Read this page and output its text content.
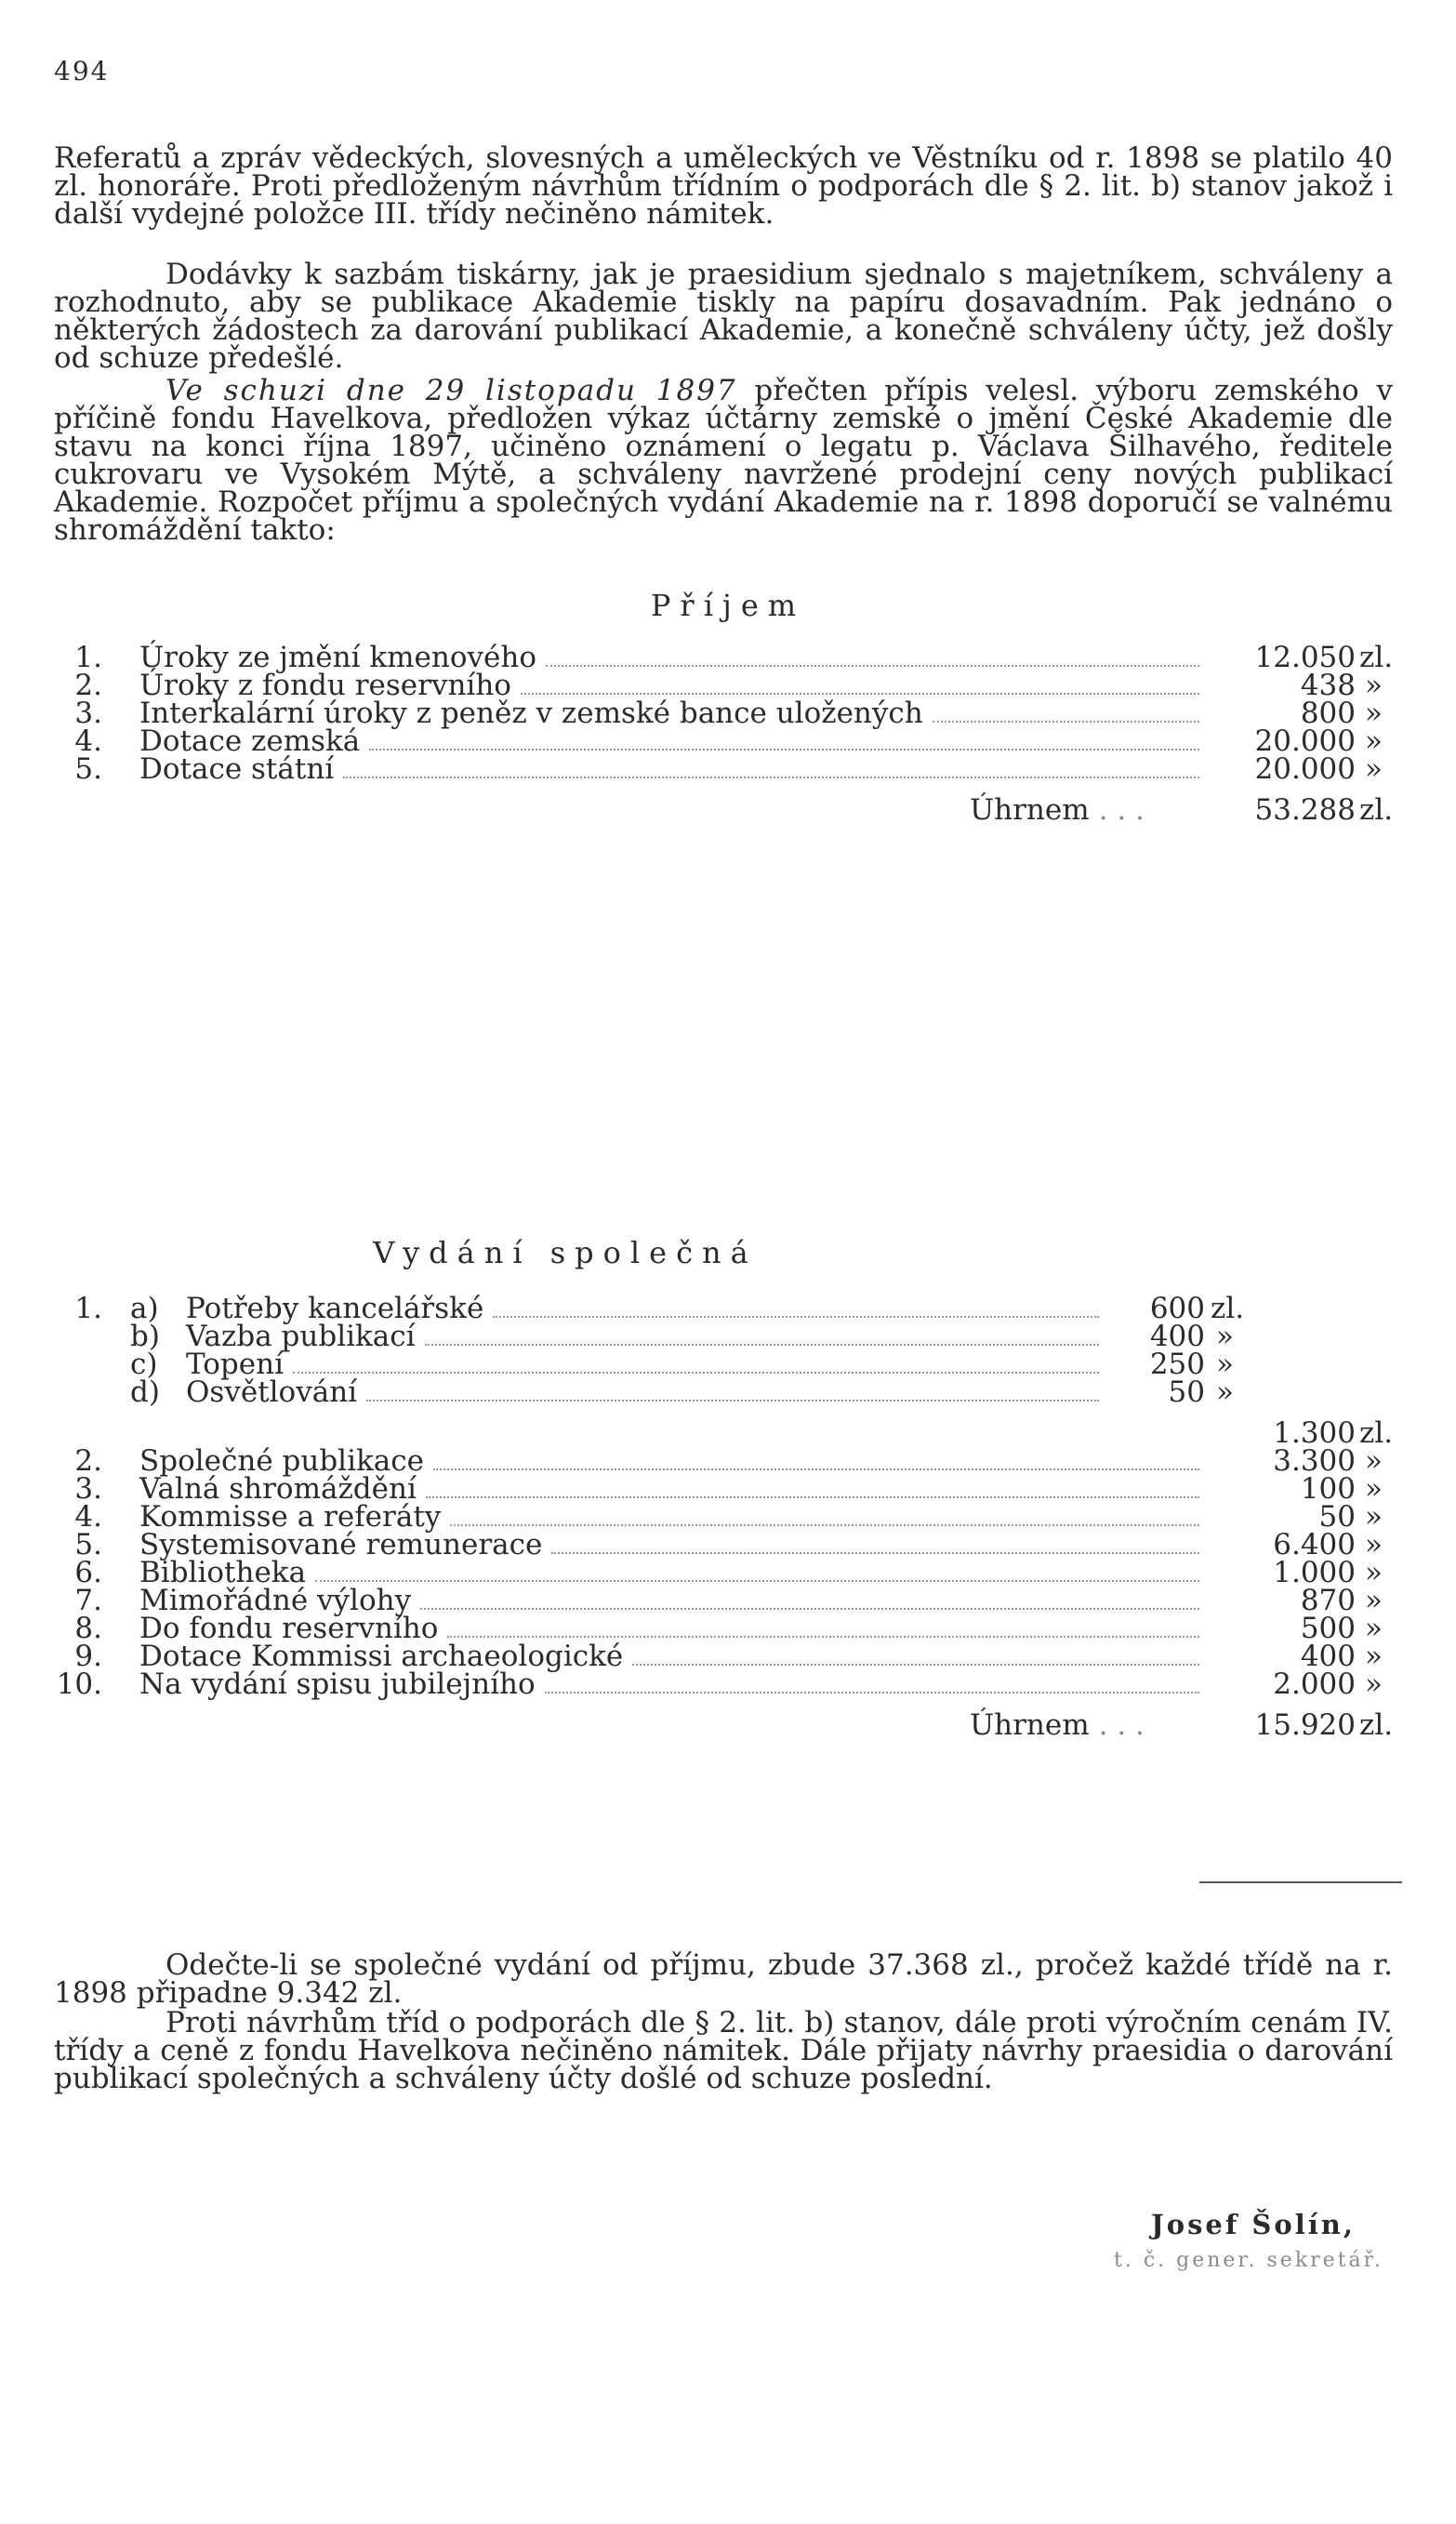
494

Referatů a zpráv vědeckých, slovesných a uměleckých ve Věstníku od r. 1898 se platilo 40 zl. honoráře. Proti předloženým návrhům třídním o podporách dle § 2. lit. b) stanov jakož i další vydejné položce III. třídy nečiněno námitek.

Dodávky k sazbám tiskárny, jak je praesidium sjednalo s majetníkem, schváleny a rozhodnuto, aby se publikace Akademie tiskly na papíru dosavadním. Pak jednáno o některých žádostech za darování publikací Akademie, a konečně schváleny účty, jež došly od schuze předešlé.

Ve schuzi dne 29 listopadu 1897 přečten přípis velesl. výboru zemského v příčině fondu Havelkova, předložen výkaz účtárny zemské o jmění České Akademie dle stavu na konci října 1897, učiněno oznámení o legatu p. Václava Šilhavého, ředitele cukrovaru ve Vysokém Mýtě, a schváleny navržené prodejní ceny nových publikací Akademie. Rozpočet příjmu a společných vydání Akademie na r. 1898 doporučí se valnému shromáždění takto:

Příjem
1. Úroky ze jmění kmenového	12.050 zl.
2. Úroky z fondu reservního	438 »
3. Interkalární úroky z peněz v zemské bance uložených	800 »
4. Dotace zemská	20.000 »
5. Dotace státní	20.000 »
Úhrnem . . .	53.288 zl.
Vydání společná
1. a) Potřeby kancelářské	600 zl.
b) Vazba publikací	400 »
c) Topení	250 »
d) Osvětlování	50 »
1.300 zl.
2. Společné publikace	3.300 »
3. Valná shromáždění	100 »
4. Kommisse a referáty	50 »
5. Systemisované remunerace	6.400 »
6. Bibliotheka	1.000 »
7. Mimořádné výlohy	870 »
8. Do fondu reservního	500 »
9. Dotace Kommissi archaeologické	400 »
10. Na vydání spisu jubilejního	2.000 »
Úhrnem . . .	15.920 zl.

Odečte-li se společné vydání od příjmu, zbude 37.368 zl., pročež každé třídě na r. 1898 připadne 9.342 zl.

Proti návrhům tříd o podporách dle § 2. lit. b) stanov, dále proti výročním cenám IV. třídy a ceně z fondu Havelkova nečiněno námitek. Dále přijaty návrhy praesidia o darování publikací společných a schváleny účty došlé od schuze poslední.

Josef Šolín,
t. č. gener. sekretář.
